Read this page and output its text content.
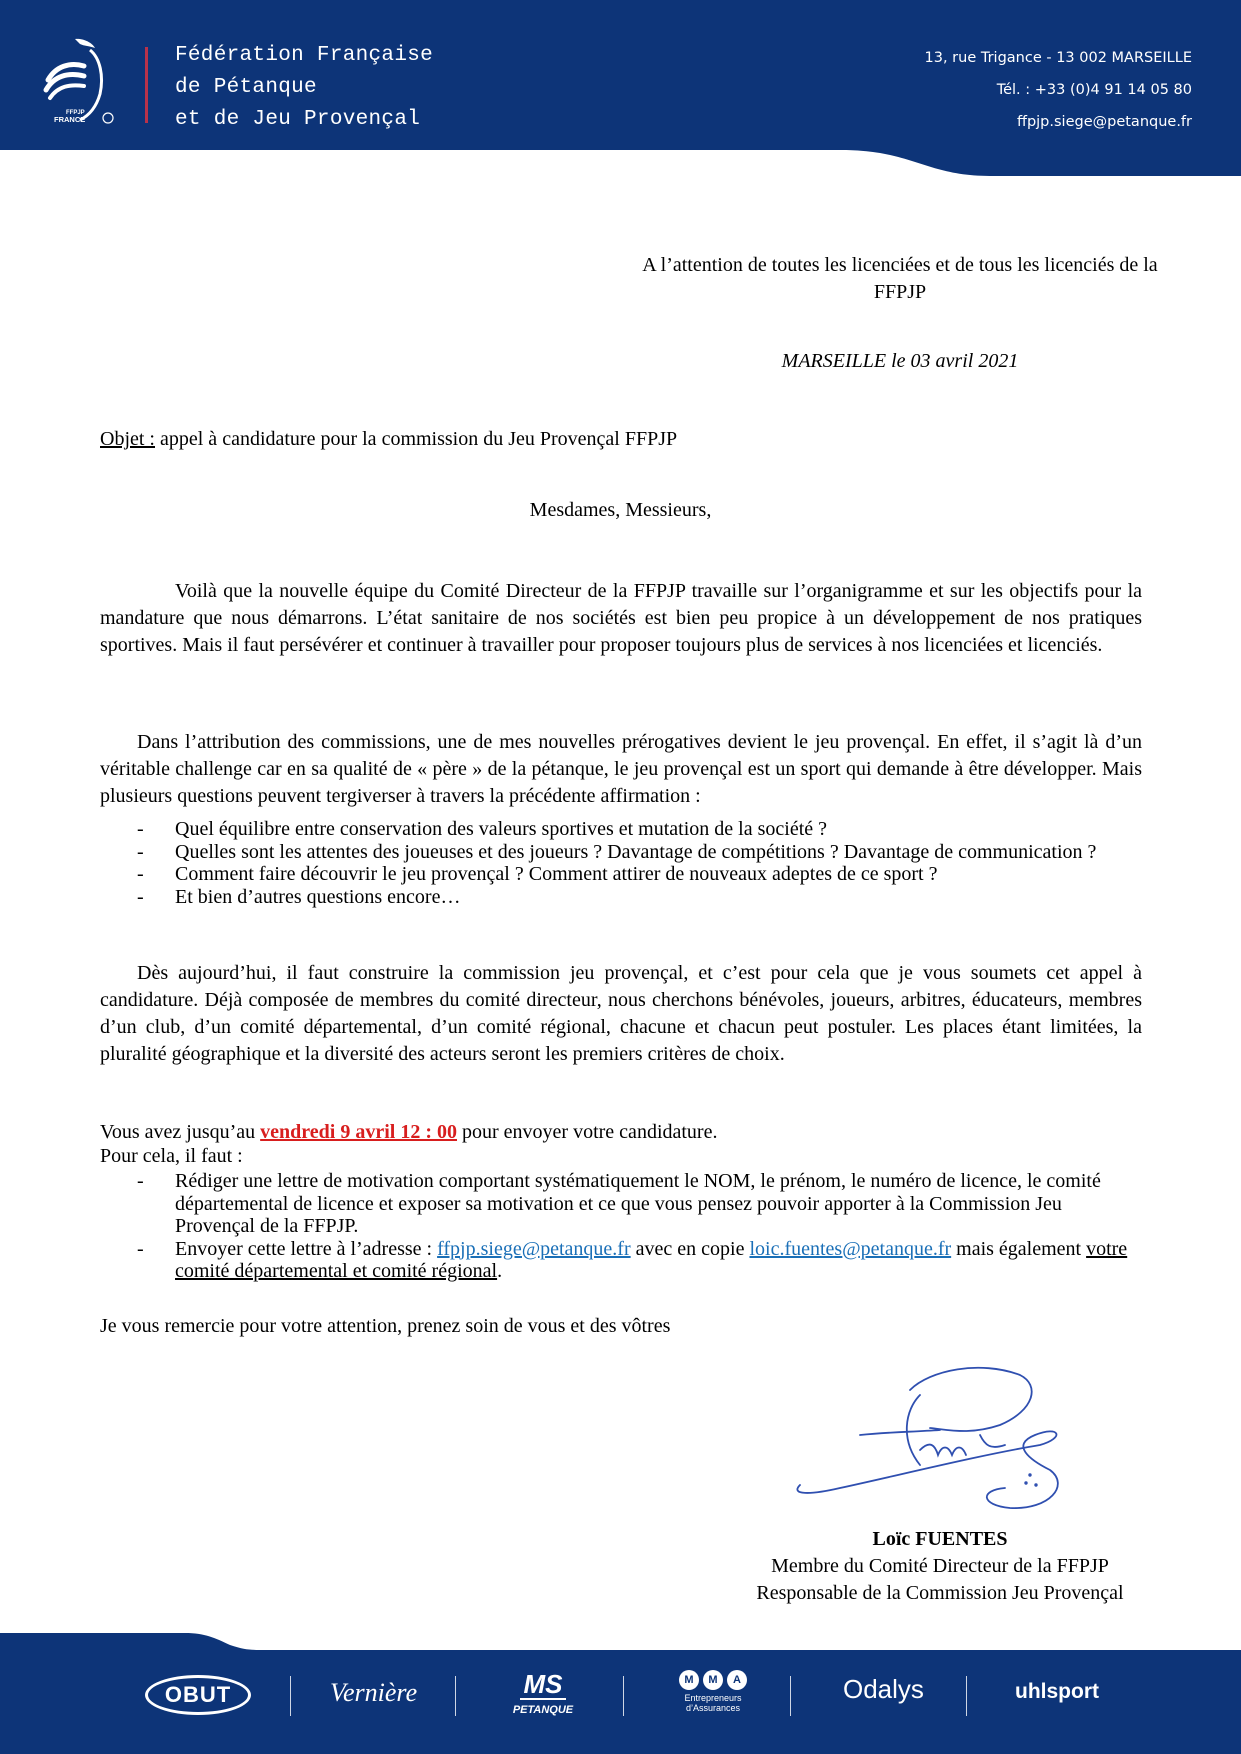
FFPJP
FRANCE
Fédération Française
de Pétanque
et de Jeu Provençal
13, rue Trigance - 13 002 MARSEILLE
Tél. : +33 (0)4 91 14 05 80
ffpjp.siege@petanque.fr
A l’attention de toutes les licenciées et de tous les licenciés de la FFPJP
MARSEILLE le 03 avril 2021
Objet : appel à candidature pour la commission du Jeu Provençal FFPJP
Mesdames, Messieurs,
Voilà que la nouvelle équipe du Comité Directeur de la FFPJP travaille sur l’organigramme et sur les objectifs pour la mandature que nous démarrons. L’état sanitaire de nos sociétés est bien peu propice à un développement de nos pratiques sportives. Mais il faut persévérer et continuer à travailler pour proposer toujours plus de services à nos licenciées et licenciés.
Dans l’attribution des commissions, une de mes nouvelles prérogatives devient le jeu provençal. En effet, il s’agit là d’un véritable challenge car en sa qualité de « père » de la pétanque, le jeu provençal est un sport qui demande à être développer. Mais plusieurs questions peuvent tergiverser à travers la précédente affirmation :
- Quel équilibre entre conservation des valeurs sportives et mutation de la société ?
- Quelles sont les attentes des joueuses et des joueurs ? Davantage de compétitions ? Davantage de communication ?
- Comment faire découvrir le jeu provençal ? Comment attirer de nouveaux adeptes de ce sport ?
- Et bien d’autres questions encore…
Dès aujourd’hui, il faut construire la commission jeu provençal, et c’est pour cela que je vous soumets cet appel à candidature. Déjà composée de membres du comité directeur, nous cherchons bénévoles, joueurs, arbitres, éducateurs, membres d’un club, d’un comité départemental, d’un comité régional, chacune et chacun peut postuler. Les places étant limitées, la pluralité géographique et la diversité des acteurs seront les premiers critères de choix.
Vous avez jusqu’au vendredi 9 avril 12 : 00 pour envoyer votre candidature.
Pour cela, il faut :
- Rédiger une lettre de motivation comportant systématiquement le NOM, le prénom, le numéro de licence, le comité départemental de licence et exposer sa motivation et ce que vous pensez pouvoir apporter à la Commission Jeu Provençal de la FFPJP.
- Envoyer cette lettre à l’adresse : ffpjp.siege@petanque.fr avec en copie loic.fuentes@petanque.fr mais également votre comité départemental et comité régional.
Je vous remercie pour votre attention, prenez soin de vous et des vôtres
Loïc FUENTES
Membre du Comité Directeur de la FFPJP
Responsable de la Commission Jeu Provençal
OBUT	Vernière	MS
PETANQUE
M	M	A
Entrepreneurs
d’Assurances
Odalys	uhlsport
